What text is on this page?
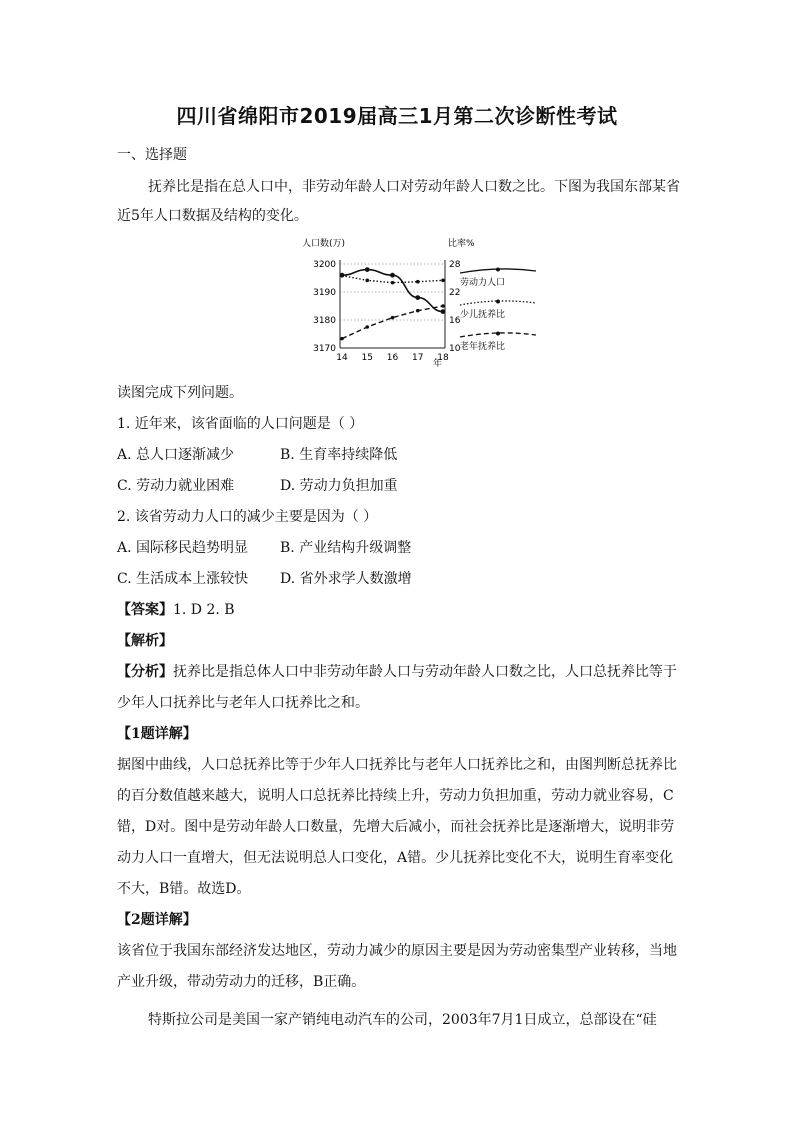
四川省绵阳市2019届高三1月第二次诊断性考试
一、选择题
抚养比是指在总人口中，非劳动年龄人口对劳动年龄人口数之比。下图为我国东部某省
近5年人口数据及结构的变化。
人口数(万)	比率%
3200
3190
3180
3170
28
22
16
10
14 15 16 17 18
劳动力人口
少儿抚养比
老年抚养比
年
读图完成下列问题。
1. 近年来，该省面临的人口问题是（ ）
A. 总人口逐渐减少	B. 生育率持续降低
C. 劳动力就业困难	D. 劳动力负担加重
2. 该省劳动力人口的减少主要是因为（ ）
A. 国际移民趋势明显 B. 产业结构升级调整
C. 生活成本上涨较快 D. 省外求学人数激增
【答案】1. D 2. B
【解析】
【分析】抚养比是指总体人口中非劳动年龄人口与劳动年龄人口数之比，人口总抚养比等于
少年人口抚养比与老年人口抚养比之和。
【1题详解】
据图中曲线，人口总抚养比等于少年人口抚养比与老年人口抚养比之和，由图判断总抚养比
的百分数值越来越大，说明人口总抚养比持续上升，劳动力负担加重，劳动力就业容易，C
错，D对。图中是劳动年龄人口数量，先增大后减小，而社会抚养比是逐渐增大，说明非劳
动力人口一直增大，但无法说明总人口变化，A错。少儿抚养比变化不大，说明生育率变化
不大，B错。故选D。
【2题详解】
该省位于我国东部经济发达地区，劳动力减少的原因主要是因为劳动密集型产业转移，当地
产业升级，带动劳动力的迁移，B正确。
特斯拉公司是美国一家产销纯电动汽车的公司，2003年7月1日成立，总部设在“硅
